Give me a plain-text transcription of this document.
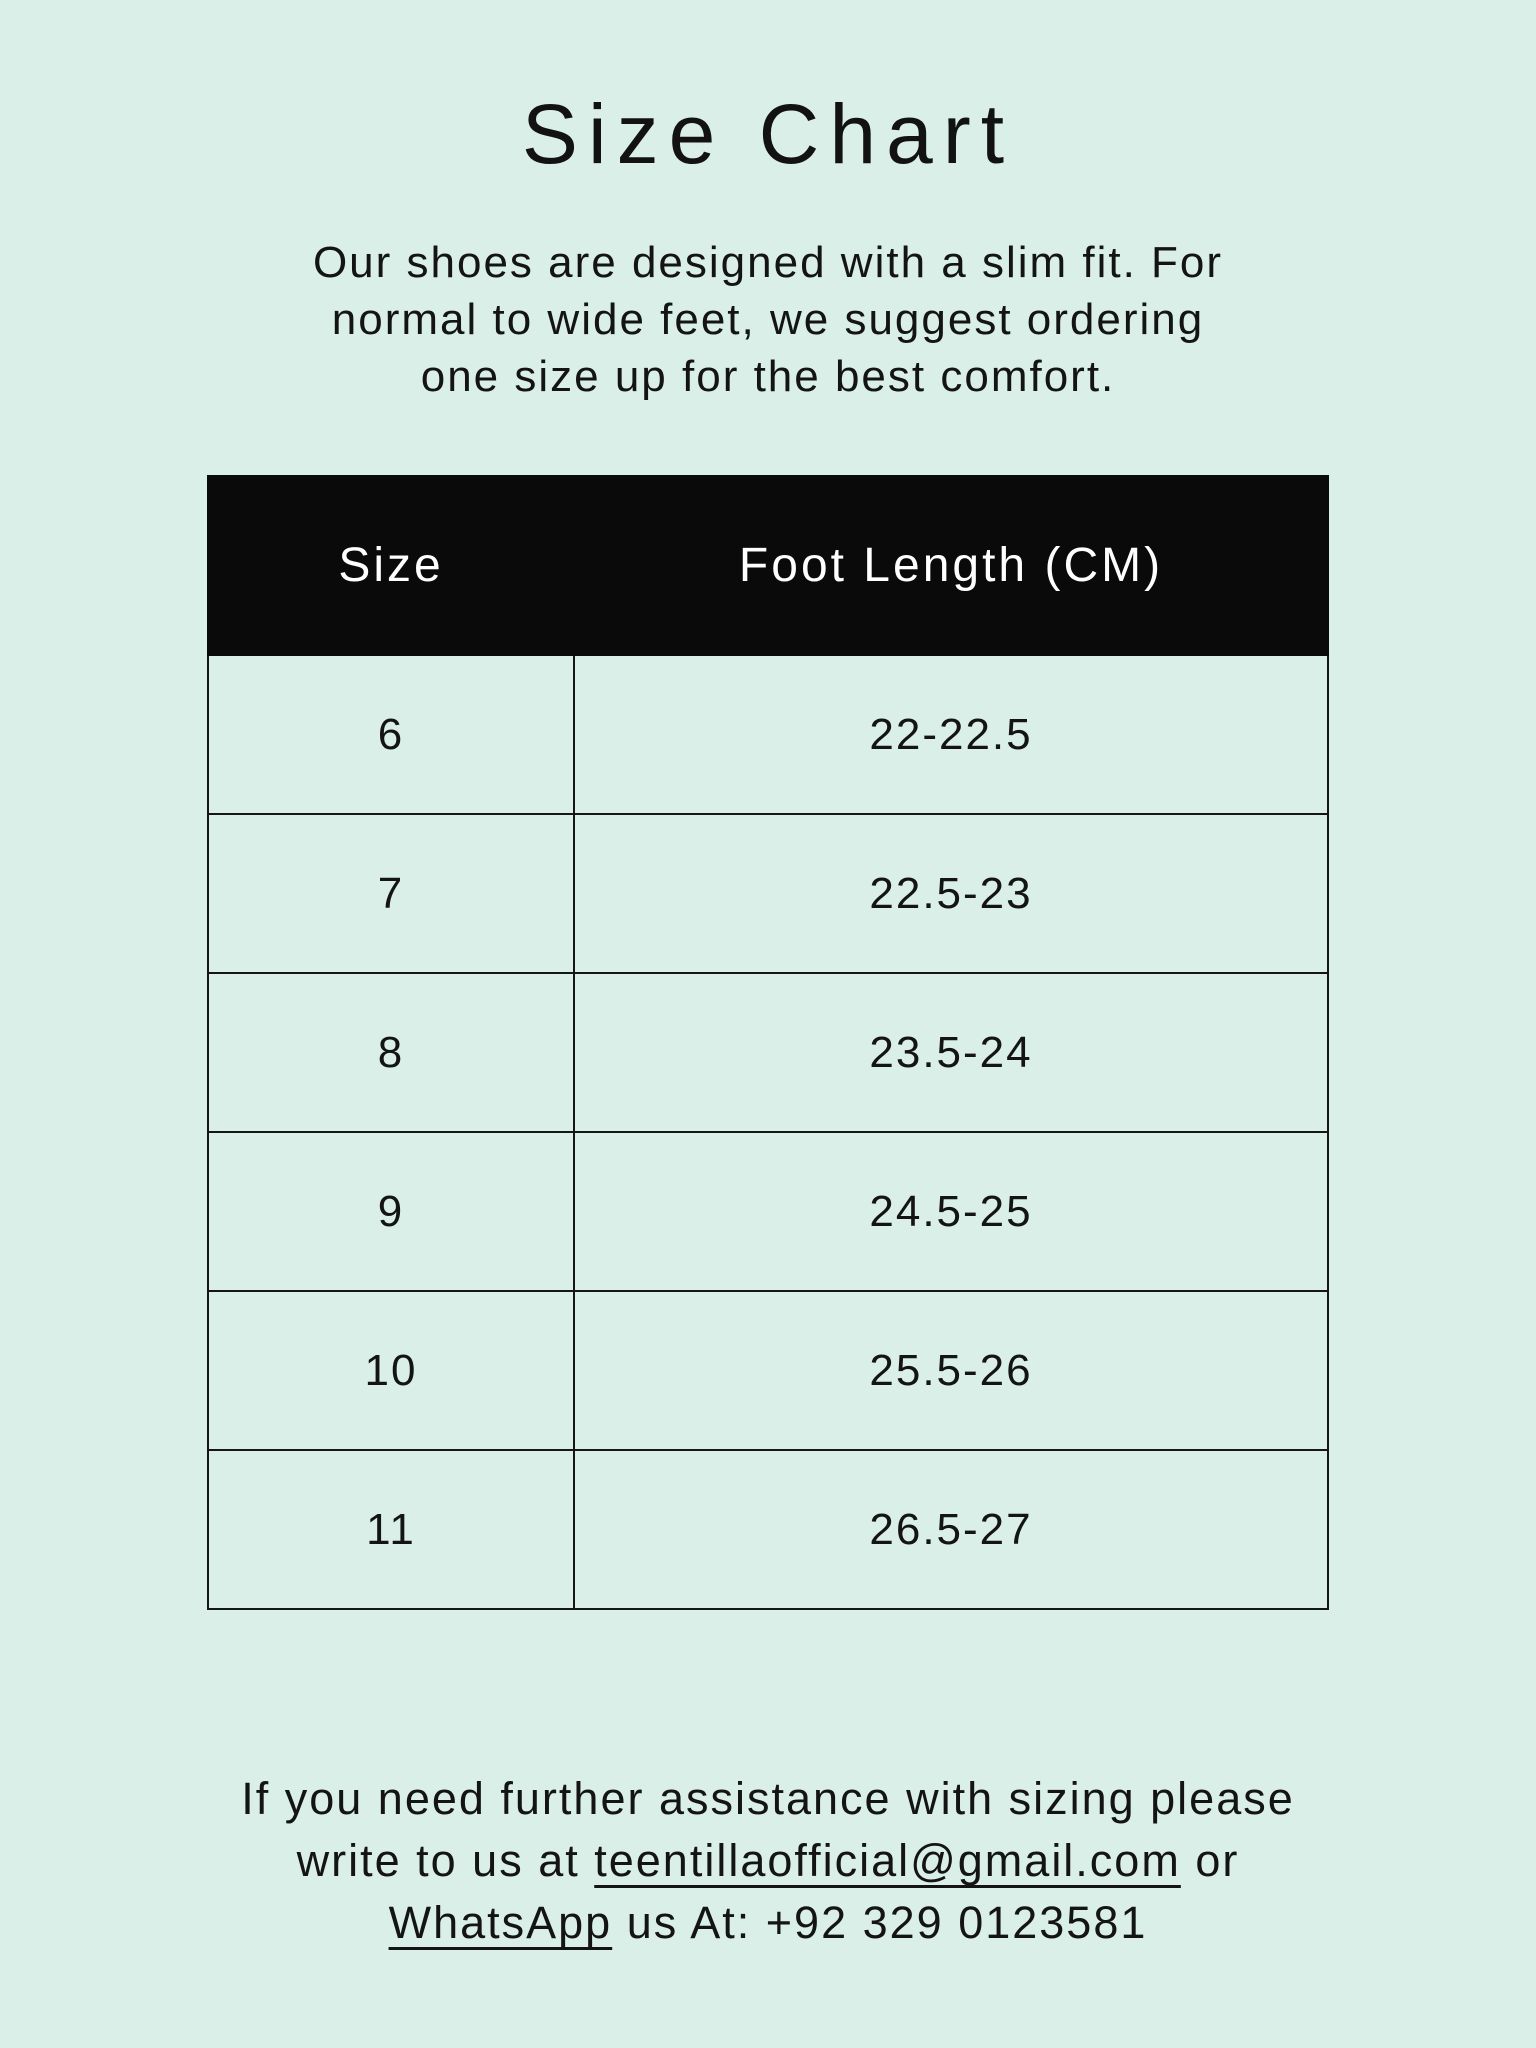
Size Chart
Our shoes are designed with a slim fit. For
normal to wide feet, we suggest ordering
one size up for the best comfort.
Size	Foot Length (CM)
6	22-22.5
7	22.5-23
8	23.5-24
9	24.5-25
10	25.5-26
11	26.5-27
If you need further assistance with sizing please
write to us at teentillaofficial@gmail.com or
WhatsApp us At: +92 329 0123581
